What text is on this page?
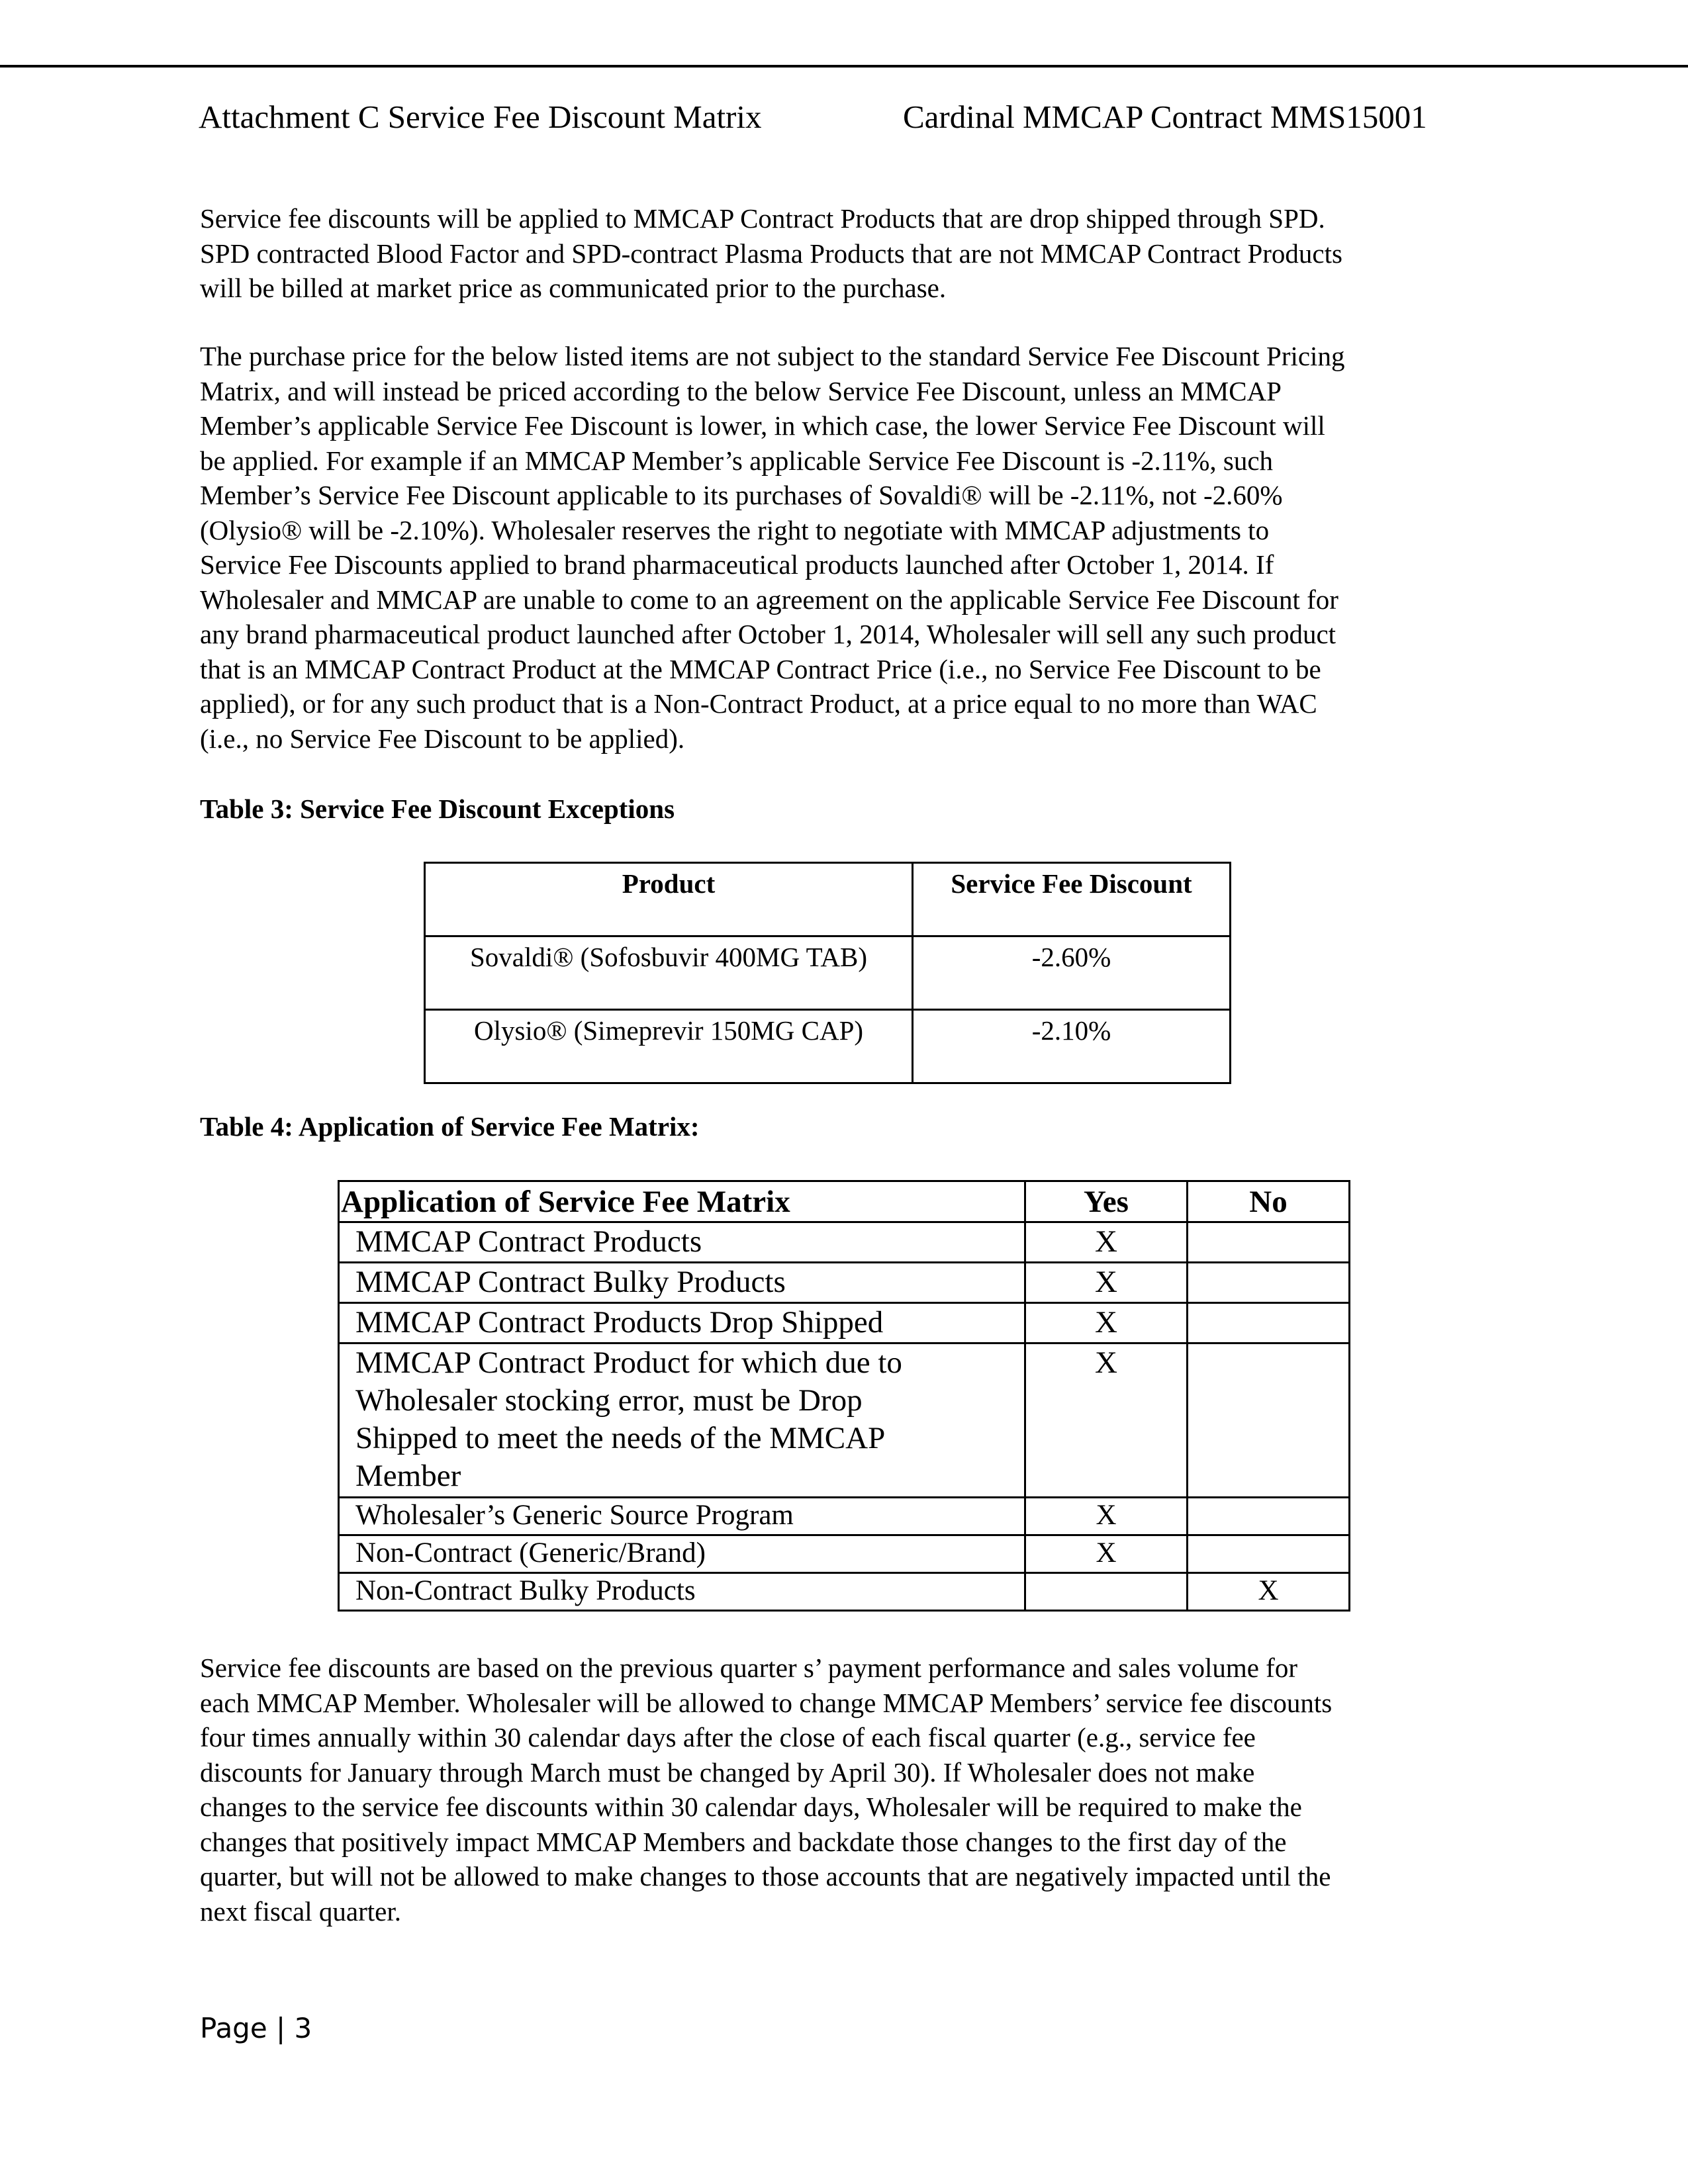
Attachment C Service Fee Discount Matrix	Cardinal MMCAP Contract MMS15001

Service fee discounts will be applied to MMCAP Contract Products that are drop shipped through SPD.
SPD contracted Blood Factor and SPD-contract Plasma Products that are not MMCAP Contract Products
will be billed at market price as communicated prior to the purchase.

The purchase price for the below listed items are not subject to the standard Service Fee Discount Pricing
Matrix, and will instead be priced according to the below Service Fee Discount, unless an MMCAP
Member’s applicable Service Fee Discount is lower, in which case, the lower Service Fee Discount will
be applied. For example if an MMCAP Member’s applicable Service Fee Discount is -2.11%, such
Member’s Service Fee Discount applicable to its purchases of Sovaldi® will be -2.11%, not -2.60%
(Olysio® will be -2.10%). Wholesaler reserves the right to negotiate with MMCAP adjustments to
Service Fee Discounts applied to brand pharmaceutical products launched after October 1, 2014. If
Wholesaler and MMCAP are unable to come to an agreement on the applicable Service Fee Discount for
any brand pharmaceutical product launched after October 1, 2014, Wholesaler will sell any such product
that is an MMCAP Contract Product at the MMCAP Contract Price (i.e., no Service Fee Discount to be
applied), or for any such product that is a Non-Contract Product, at a price equal to no more than WAC
(i.e., no Service Fee Discount to be applied).

Table 3: Service Fee Discount Exceptions
Product	Service Fee Discount
Sovaldi® (Sofosbuvir 400MG TAB)	-2.60%
Olysio® (Simeprevir 150MG CAP)	-2.10%
Table 4: Application of Service Fee Matrix:
Application of Service Fee Matrix	Yes	No
MMCAP Contract Products	X	
MMCAP Contract Bulky Products	X	
MMCAP Contract Products Drop Shipped	X	

MMCAP Contract Product for which due to
Wholesaler stocking error, must be Drop
Shipped to meet the needs of the MMCAP
Member	X	
Wholesaler’s Generic Source Program	X	
Non-Contract (Generic/Brand)	X	
Non-Contract Bulky Products		X

Service fee discounts are based on the previous quarter s’ payment performance and sales volume for
each MMCAP Member. Wholesaler will be allowed to change MMCAP Members’ service fee discounts
four times annually within 30 calendar days after the close of each fiscal quarter (e.g., service fee
discounts for January through March must be changed by April 30). If Wholesaler does not make
changes to the service fee discounts within 30 calendar days, Wholesaler will be required to make the
changes that positively impact MMCAP Members and backdate those changes to the first day of the
quarter, but will not be allowed to make changes to those accounts that are negatively impacted until the
next fiscal quarter.

Page | 3
